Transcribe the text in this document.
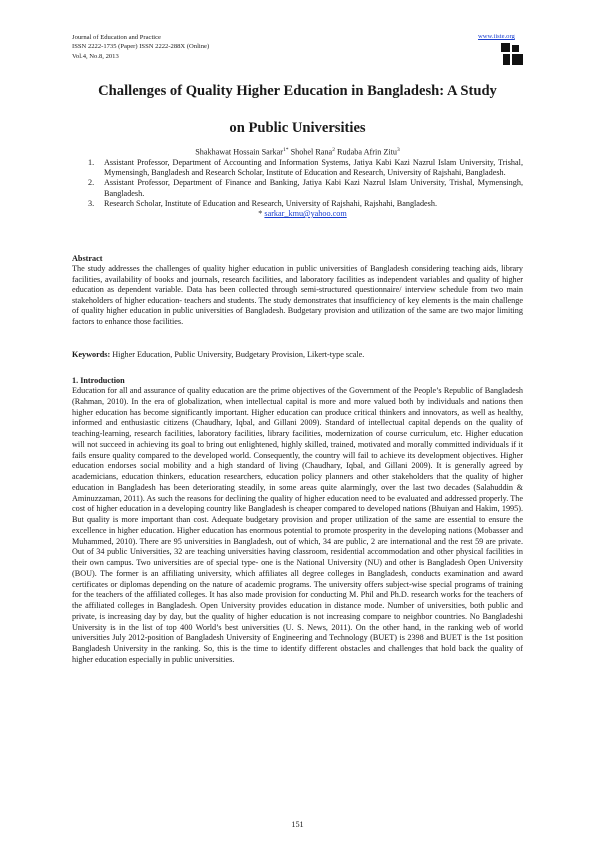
Journal of Education and Practice
ISSN 2222-1735 (Paper) ISSN 2222-288X (Online)
Vol.4, No.8, 2013
www.iiste.org
Challenges of Quality Higher Education in Bangladesh: A Study
on Public Universities
Shakhawat Hossain Sarkar$^{1*}$ Shohel Rana$^2$ Rudaba Afrin Zitu$^3$
1. Assistant Professor, Department of Accounting and Information Systems, Jatiya Kabi Kazi Nazrul Islam University, Trishal, Mymensingh, Bangladesh and Research Scholar, Institute of Education and Research, University of Rajshahi, Bangladesh.
2. Assistant Professor, Department of Finance and Banking, Jatiya Kabi Kazi Nazrul Islam University, Trishal, Mymensingh, Bangladesh.
3. Research Scholar, Institute of Education and Research, University of Rajshahi, Rajshahi, Bangladesh.
* sarkar_kmu@yahoo.com
Abstract
The study addresses the challenges of quality higher education in public universities of Bangladesh considering teaching aids, library facilities, availability of books and journals, research facilities, and laboratory facilities as independent variables and quality of higher education as dependent variable. Data has been collected through semi-structured questionnaire/ interview schedule from two main stakeholders of higher education- teachers and students. The study demonstrates that insufficiency of key elements is the main challenge of quality higher education in public universities of Bangladesh. Budgetary provision and utilization of the same are two major limiting factors to enhance those facilities.
Keywords: Higher Education, Public University, Budgetary Provision, Likert-type scale.
1. Introduction
Education for all and assurance of quality education are the prime objectives of the Government of the People’s Republic of Bangladesh (Rahman, 2010). In the era of globalization, when intellectual capital is more and more valued both by individuals and nations then higher education has become significantly important. Higher education can produce critical thinkers and innovators, as well as healthy, informed and enthusiastic citizens (Chaudhary, Iqbal, and Gillani 2009). Standard of intellectual capital depends on the quality of teaching-learning, research facilities, laboratory facilities, library facilities, modernization of course curriculum, etc. Higher education will not succeed in achieving its goal to bring out enlightened, highly skilled, trained, motivated and morally committed individuals if it fails ensure quality compared to the developed world. Consequently, the country will fail to achieve its development objectives. Higher education endorses social mobility and a high standard of living (Chaudhary, Iqbal, and Gillani 2009). It is generally agreed by academicians, education thinkers, education researchers, education policy planners and other stakeholders that the quality of higher education in Bangladesh has been deteriorating steadily, in some areas quite alarmingly, over the last two decades (Salahuddin & Aminuzzaman, 2011). As such the reasons for declining the quality of higher education need to be evaluated and addressed properly. The cost of higher education in a developing country like Bangladesh is cheaper compared to developed nations (Bhuiyan and Hakim, 1995). But quality is more important than cost. Adequate budgetary provision and proper utilization of the same are essential to ensure the excellence in higher education. Higher education has enormous potential to promote prosperity in the developing nations (Mobasser and Muhammed, 2010). There are 95 universities in Bangladesh, out of which, 34 are public, 2 are international and the rest 59 are private. Out of 34 public Universities, 32 are teaching universities having classroom, residential accommodation and other physical facilities in their own campus. Two universities are of special type- one is the National University (NU) and other is Bangladesh Open University (BOU). The former is an affiliating university, which affiliates all degree colleges in Bangladesh, conducts examination and award certificates or diplomas depending on the nature of academic programs. The university offers subject-wise special programs of training for the teachers of the affiliated colleges. It has also made provision for conducting M. Phil and Ph.D. research works for the teachers of the affiliated colleges in Bangladesh. Open University provides education in distance mode. Number of universities, both public and private, is increasing day by day, but the quality of higher education is not increasing compare to neighbor countries. No Bangladeshi University is in the list of top 400 World’s best universities (U. S. News, 2011). On the other hand, in the ranking web of world universities July 2012-position of Bangladesh University of Engineering and Technology (BUET) is 2398 and BUET is the 1st position Bangladesh University in the ranking. So, this is the time to identify different obstacles and challenges that hold back the quality of higher education especially in public universities.
151
